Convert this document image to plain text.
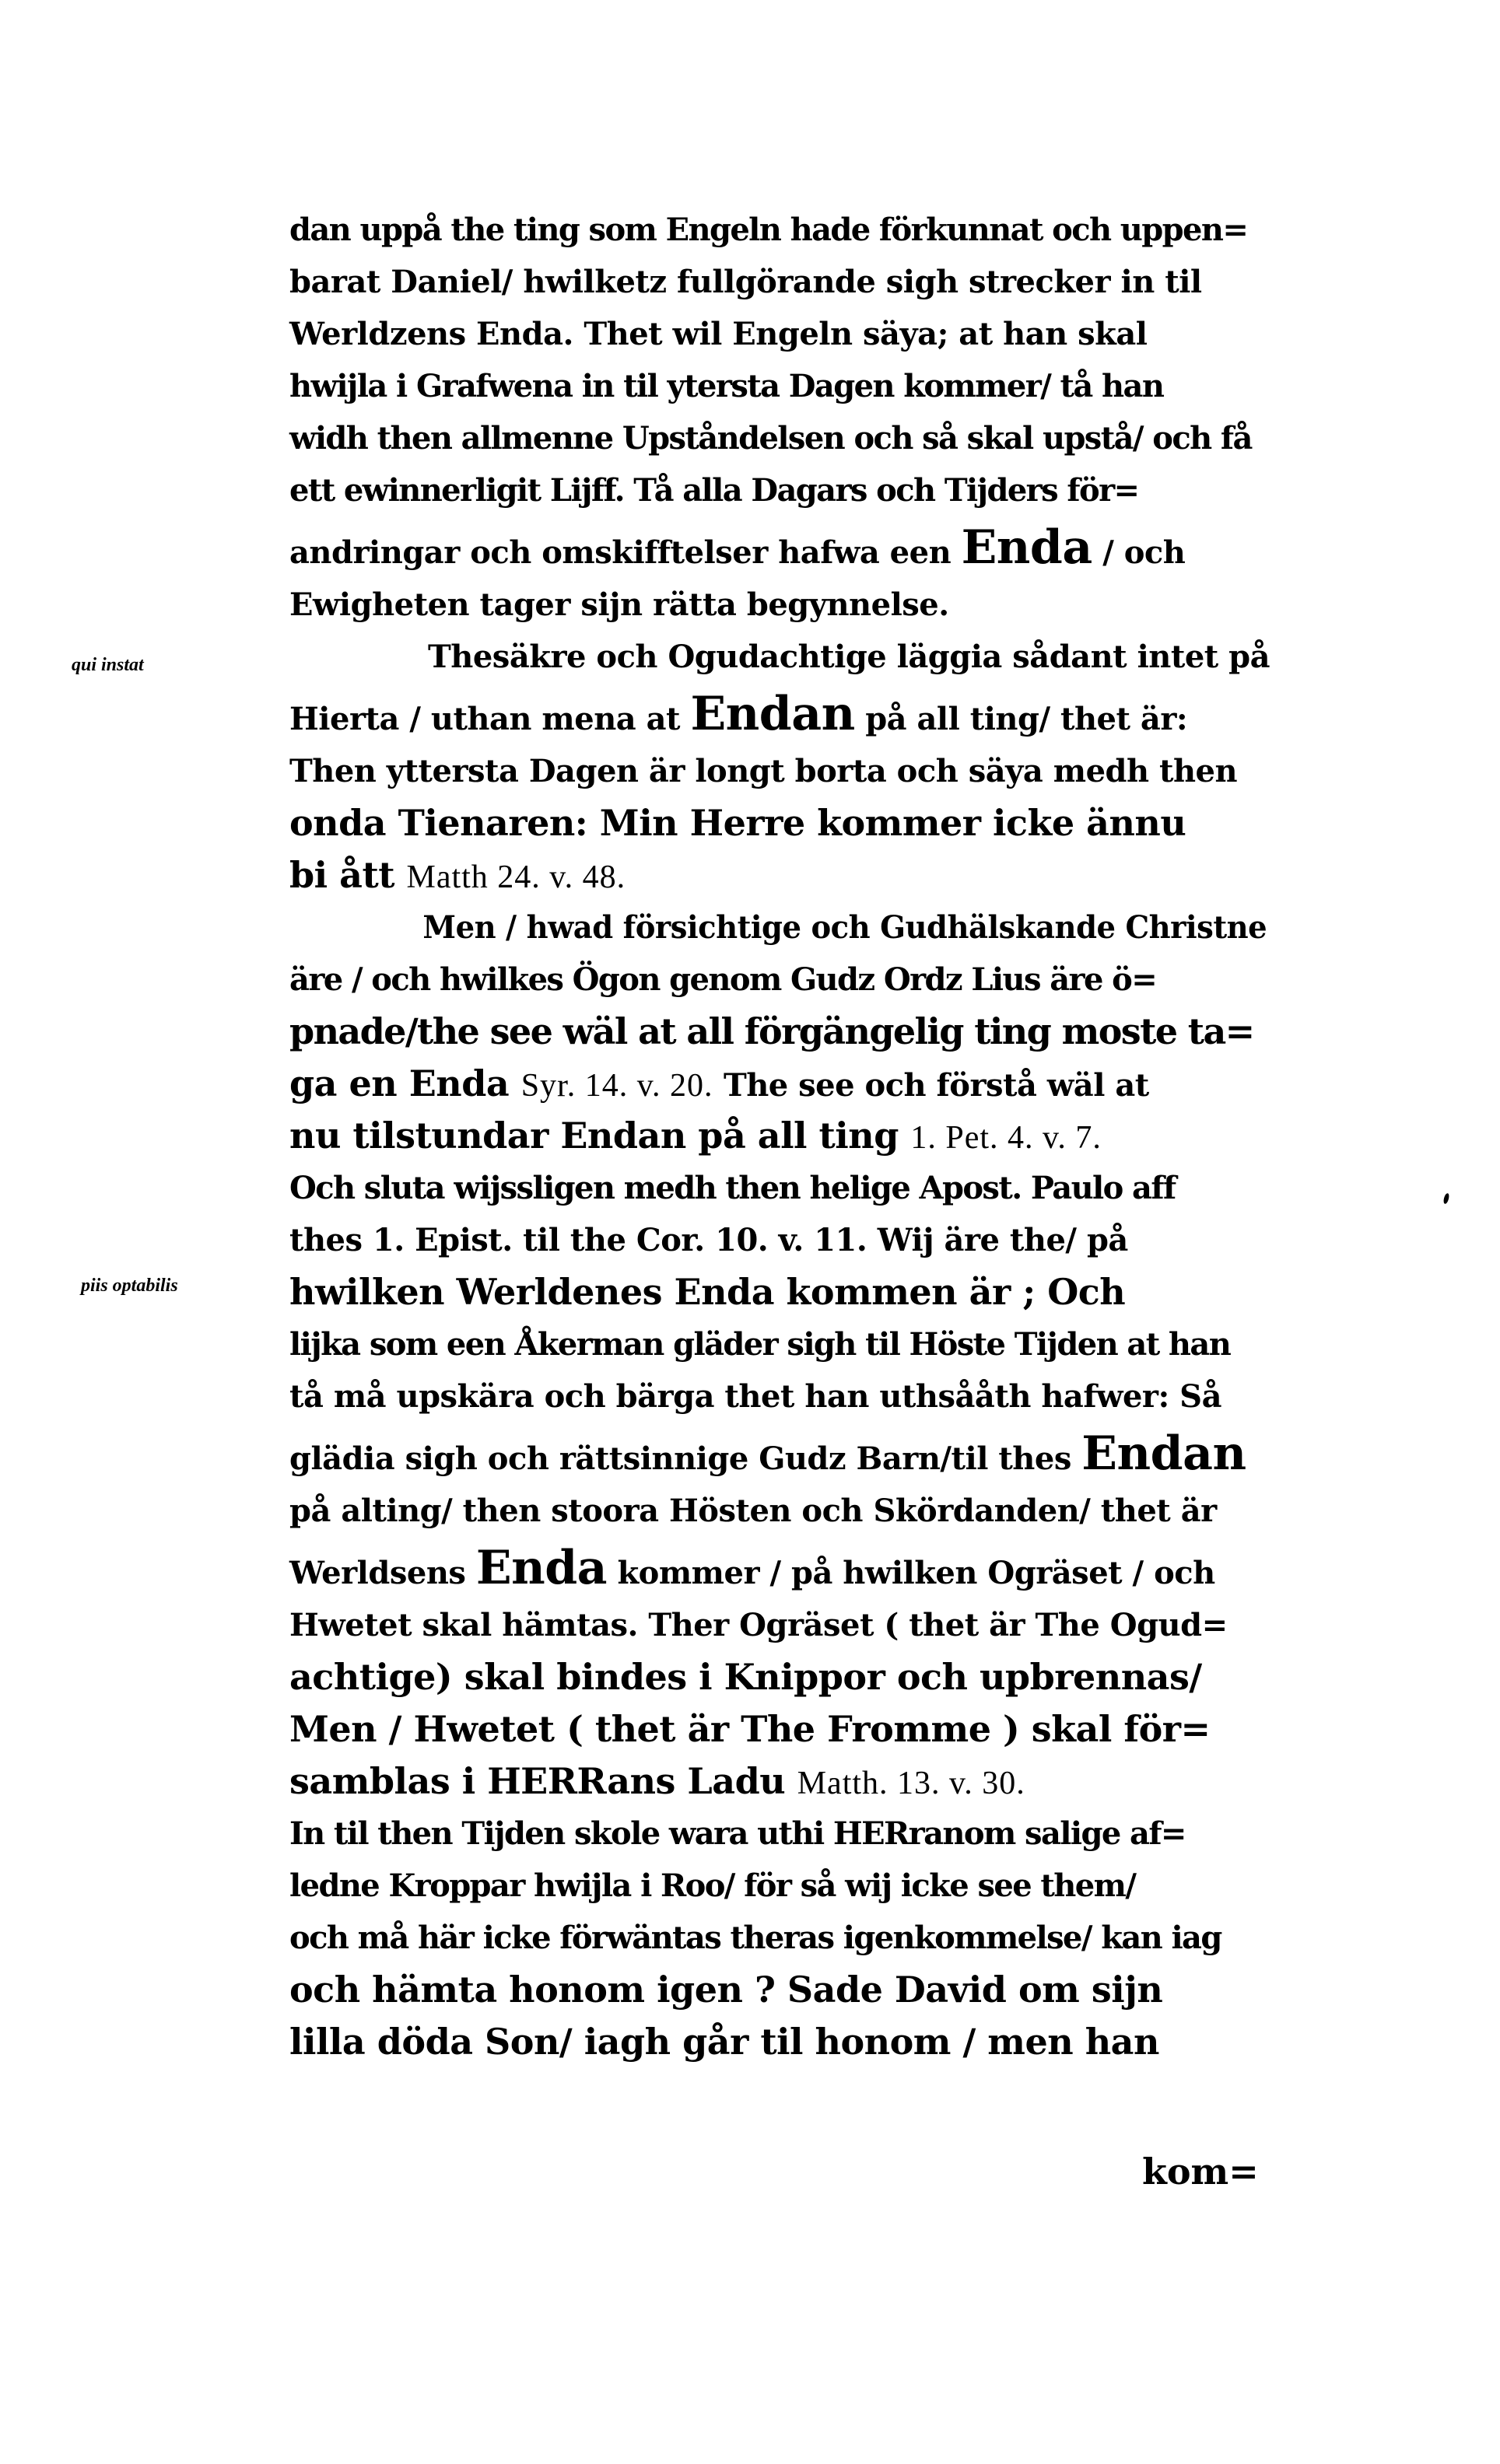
qui instat
piis optabilis
dan uppå the ting som Engeln hade förkunnat och uppen=
barat Daniel/ hwilketz fullgörande sigh strecker in til
Werldzens Enda. Thet wil Engeln säya; at han skal
hwijla i Grafwena in til ytersta Dagen kommer/ tå han
widh then allmenne Upståndelsen och så skal upstå/ och få
ett ewinnerligit Lijff. Tå alla Dagars och Tijders för=
andringar och omskifftelser hafwa een Enda / och
Ewigheten tager sijn rätta begynnelse.
Thesäkre och Ogudachtige läggia sådant intet på
Hierta / uthan mena at Endan på all ting/ thet är:
Then yttersta Dagen är longt borta och säya medh then
onda Tienaren: Min Herre kommer icke ännu
bi ått Matth 24. v. 48.
Men / hwad försichtige och Gudhälskande Christne
äre / och hwilkes Ögon genom Gudz Ordz Lius äre ö=
pnade/the see wäl at all förgängelig ting moste ta=
ga en Enda Syr. 14. v. 20. The see och förstå wäl at
nu tilstundar Endan på all ting 1. Pet. 4. v. 7.
Och sluta wijssligen medh then helige Apost. Paulo aff
thes 1. Epist. til the Cor. 10. v. 11. Wij äre the/ på
hwilken Werldenes Enda kommen är ; Och
lijka som een Åkerman gläder sigh til Höste Tijden at han
tå må upskära och bärga thet han uthsååth hafwer: Så
glädia sigh och rättsinnige Gudz Barn/til thes Endan
på alting/ then stoora Hösten och Skördanden/ thet är
Werldsens Enda kommer / på hwilken Ogräset / och
Hwetet skal hämtas. Ther Ogräset ( thet är The Ogud=
achtige) skal bindes i Knippor och upbrennas/
Men / Hwetet ( thet är The Fromme ) skal för=
samblas i HERRans Ladu Matth. 13. v. 30.
In til then Tijden skole wara uthi HERranom salige af=
ledne Kroppar hwijla i Roo/ för så wij icke see them/
och må här icke förwäntas theras igenkommelse/ kan iag
och hämta honom igen ? Sade David om sijn
lilla döda Son/ iagh går til honom / men han
kom=
